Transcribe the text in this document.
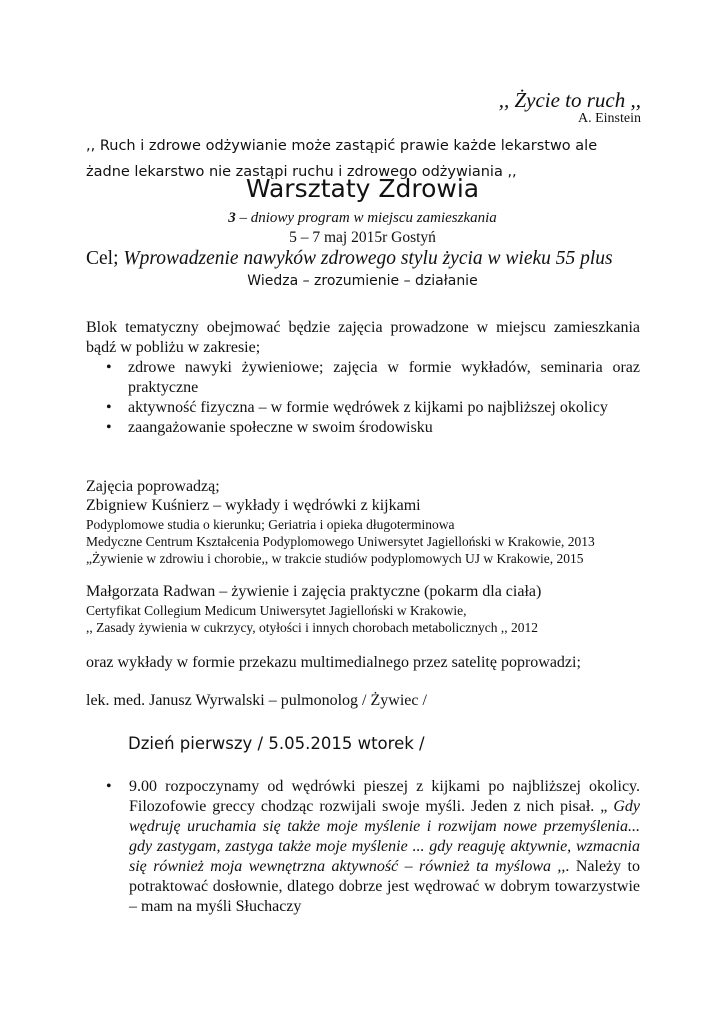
,, Życie to ruch ,,
A. Einstein
,, Ruch i zdrowe odżywianie może zastąpić prawie każde lekarstwo ale
żadne lekarstwo nie zastąpi ruchu i zdrowego odżywiania ,,
Warsztaty Zdrowia
3 – dniowy program w miejscu zamieszkania
5 – 7 maj 2015r Gostyń
Cel; Wprowadzenie nawyków zdrowego stylu życia w wieku 55 plus
Wiedza – zrozumienie – działanie
Blok tematyczny obejmować będzie zajęcia prowadzone w miejscu zamieszkania bądź w pobliżu w zakresie;
• zdrowe nawyki żywieniowe; zajęcia w formie wykładów, seminaria oraz praktyczne
• aktywność fizyczna – w formie wędrówek z kijkami po najbliższej okolicy
• zaangażowanie społeczne w swoim środowisku
Zajęcia poprowadzą;
Zbigniew Kuśnierz – wykłady i wędrówki z kijkami
Podyplomowe studia o kierunku; Geriatria i opieka długoterminowa
Medyczne Centrum Kształcenia Podyplomowego Uniwersytet Jagielloński w Krakowie, 2013
„Żywienie w zdrowiu i chorobie,, w trakcie studiów podyplomowych UJ w Krakowie, 2015
Małgorzata Radwan – żywienie i zajęcia praktyczne (pokarm dla ciała)
Certyfikat Collegium Medicum Uniwersytet Jagielloński w Krakowie,
,, Zasady żywienia w cukrzycy, otyłości i innych chorobach metabolicznych ,, 2012
oraz wykłady w formie przekazu multimedialnego przez satelitę poprowadzi;
lek. med. Janusz Wyrwalski – pulmonolog / Żywiec /
Dzień pierwszy / 5.05.2015 wtorek /
• 9.00 rozpoczynamy od wędrówki pieszej z kijkami po najbliższej okolicy. Filozofowie greccy chodząc rozwijali swoje myśli. Jeden z nich pisał. „ Gdy wędruję uruchamia się także moje myślenie i rozwijam nowe przemyślenia... gdy zastygam, zastyga także moje myślenie ... gdy reaguję aktywnie, wzmacnia się również moja wewnętrzna aktywność – również ta myślowa ,,. Należy to potraktować dosłownie, dlatego dobrze jest wędrować w dobrym towarzystwie – mam na myśli Słuchaczy
